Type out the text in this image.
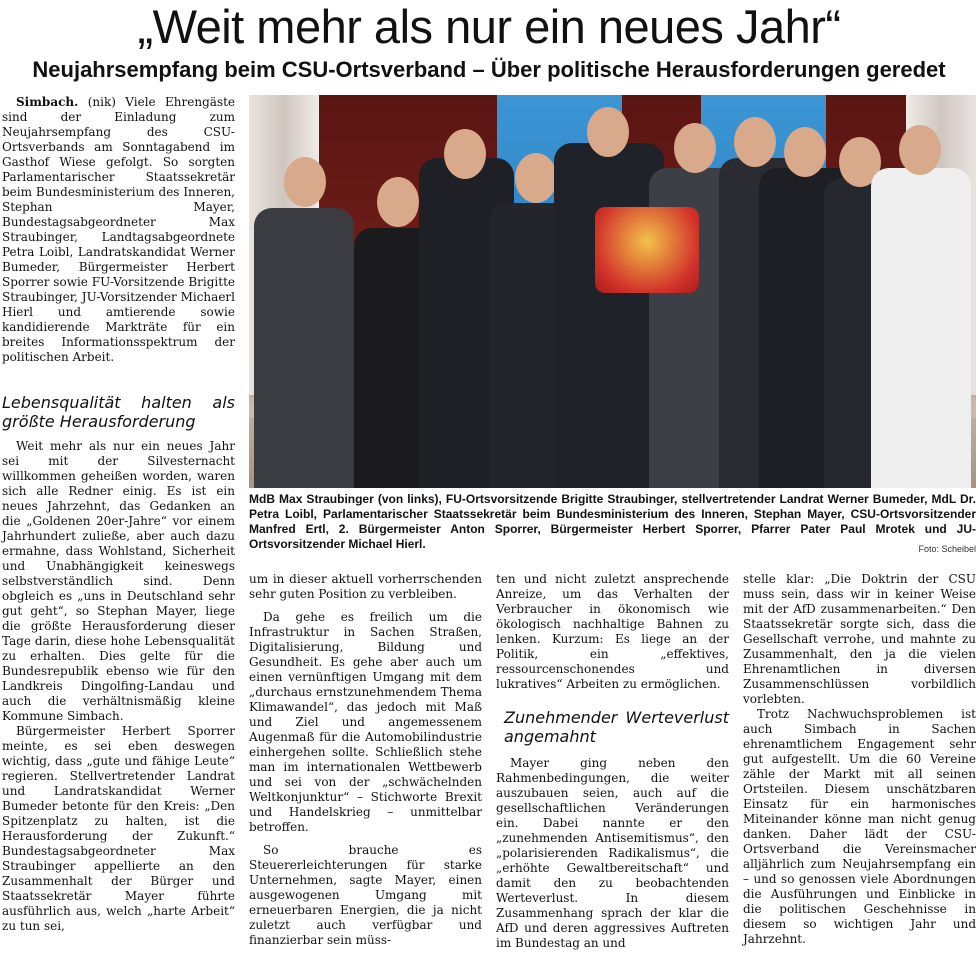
„Weit mehr als nur ein neues Jahr“
Neujahrsempfang beim CSU-Ortsverband – Über politische Herausforderungen geredet

Simbach. (nik) Viele Ehrengäste sind der Einladung zum Neujahrsempfang des CSU-Ortsverbands am Sonntagabend im Gasthof Wiese gefolgt. So sorgten Parlamentarischer Staatssekretär beim Bundesministerium des Inneren, Stephan Mayer, Bundestagsabgeordneter Max Straubinger, Landtagsabgeordnete Petra Loibl, Landratskandidat Werner Bumeder, Bürgermeister Herbert Sporrer sowie FU-Vorsitzende Brigitte Straubinger, JU-Vorsitzender Michaerl Hierl und amtierende sowie kandidierende Markträte für ein breites Informationsspektrum der politischen Arbeit.

Lebensqualität halten als größte Herausforderung

Weit mehr als nur ein neues Jahr sei mit der Silvesternacht willkommen geheißen worden, waren sich alle Redner einig. Es ist ein neues Jahrzehnt, das Gedanken an die „Goldenen 20er-Jahre“ vor einem Jahrhundert zuließe, aber auch dazu ermahne, dass Wohlstand, Sicherheit und Unabhängigkeit keineswegs selbstverständlich sind. Denn obgleich es „uns in Deutschland sehr gut geht“, so Stephan Mayer, liege die größte Herausforderung dieser Tage darin, diese hohe Lebensqualität zu erhalten. Dies gelte für die Bundesrepublik ebenso wie für den Landkreis Dingolfing-Landau und auch die verhältnismäßig kleine Kommune Simbach.

Bürgermeister Herbert Sporrer meinte, es sei eben deswegen wichtig, dass „gute und fähige Leute“ regieren. Stellvertretender Landrat und Landratskandidat Werner Bumeder betonte für den Kreis: „Den Spitzenplatz zu halten, ist die Herausforderung der Zukunft.“ Bundestagsabgeordneter Max Straubinger appellierte an den Zusammenhalt der Bürger und Staatssekretär Mayer führte ausführlich aus, welch „harte Arbeit“ zu tun sei,

MdB Max Straubinger (von links), FU-Ortsvorsitzende Brigitte Straubinger, stellvertretender Landrat Werner Bumeder, MdL Dr. Petra Loibl, Parlamentarischer Staatssekretär beim Bundesministerium des Inneren, Stephan Mayer, CSU-Ortsvorsitzender Manfred Ertl, 2. Bürgermeister Anton Sporrer, Bürgermeister Herbert Sporrer, Pfarrer Pater Paul Mrotek und JU-Ortsvorsitzender Michael Hierl.	Foto: Scheibel

um in dieser aktuell vorherrschenden sehr guten Position zu verbleiben.

Da gehe es freilich um die Infrastruktur in Sachen Straßen, Digitalisierung, Bildung und Gesundheit. Es gehe aber auch um einen vernünftigen Umgang mit dem „durchaus ernstzunehmendem Thema Klimawandel“, das jedoch mit Maß und Ziel und angemessenem Augenmaß für die Automobilindustrie einhergehen sollte. Schließlich stehe man im internationalen Wettbewerb und sei von der „schwächelnden Weltkonjunktur“ – Stichworte Brexit und Handelskrieg – unmittelbar betroffen.

So brauche es Steuererleichterungen für starke Unternehmen, sagte Mayer, einen ausgewogenen Umgang mit erneuerbaren Energien, die ja nicht zuletzt auch verfügbar und finanzierbar sein müss-

ten und nicht zuletzt ansprechende Anreize, um das Verhalten der Verbraucher in ökonomisch wie ökologisch nachhaltige Bahnen zu lenken. Kurzum: Es liege an der Politik, ein „effektives, ressourcenschonendes und lukratives“ Arbeiten zu ermöglichen.

Zunehmender Werteverlust angemahnt

Mayer ging neben den Rahmenbedingungen, die weiter auszubauen seien, auch auf die gesellschaftlichen Veränderungen ein. Dabei nannte er den „zunehmenden Antisemitismus“, den „polarisierenden Radikalismus“, die „erhöhte Gewaltbereitschaft“ und damit den zu beobachtenden Werteverlust. In diesem Zusammenhang sprach der klar die AfD und deren aggressives Auftreten im Bundestag an und

stelle klar: „Die Doktrin der CSU muss sein, dass wir in keiner Weise mit der AfD zusammenarbeiten.“ Den Staatssekretär sorgte sich, dass die Gesellschaft verrohe, und mahnte zu Zusammenhalt, den ja die vielen Ehrenamtlichen in diversen Zusammenschlüssen vorbildlich vorlebten.

Trotz Nachwuchsproblemen ist auch Simbach in Sachen ehrenamtlichem Engagement sehr gut aufgestellt. Um die 60 Vereine zähle der Markt mit all seinen Ortsteilen. Diesem unschätzbaren Einsatz für ein harmonisches Miteinander könne man nicht genug danken. Daher lädt der CSU-Ortsverband die Vereinsmacher alljährlich zum Neujahrsempfang ein – und so genossen viele Abordnungen die Ausführungen und Einblicke in die politischen Geschehnisse in diesem so wichtigen Jahr und Jahrzehnt.
